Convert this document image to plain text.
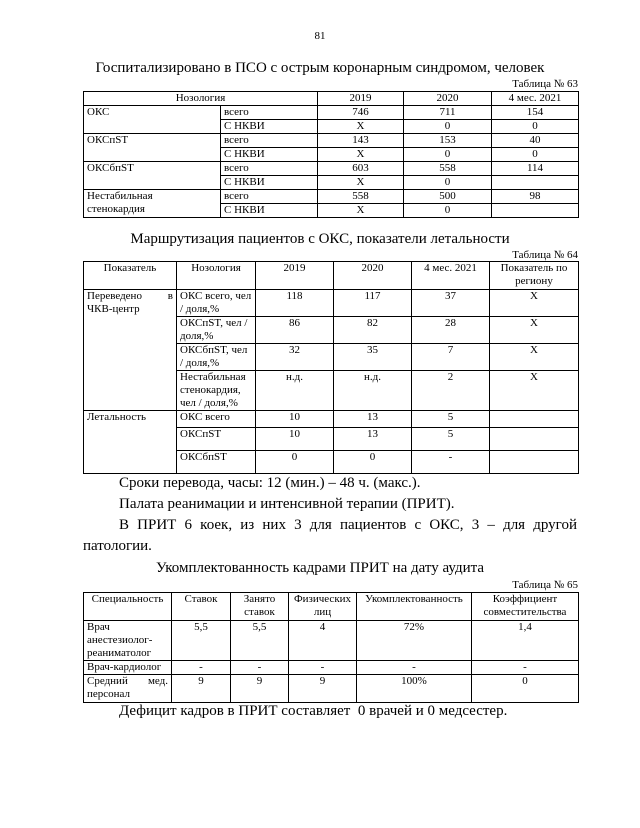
81
Госпитализировано в ПСО с острым коронарным синдромом, человек
Таблица № 63
Нозология		2019	2020	4 мес. 2021
ОКС	всего	746	711	154
	С НКВИ	Х	0	0
ОКСпST	всего	143	153	40
	С НКВИ	Х	0	0
ОКСбпST	всего	603	558	114
	С НКВИ	Х	0	

Нестабильная
стенокардия	всего	558	500	98
	С НКВИ	Х	0	
Маршрутизация пациентов с ОКС, показатели летальности
Таблица № 64
Показатель	Нозология	2019	2020	4 мес. 2021	Показатель по региону

Переведено в
ЧКВ-центр	ОКС всего, чел / доля,%	118	117	37	Х
	ОКСпST, чел / доля,%	86	82	28	Х
	ОКСбпST, чел / доля,%	32	35	7	Х
	Нестабильная стенокардия, чел / доля,%	н.д.	н.д.	2	Х
Летальность	ОКС всего	10	13	5	
	ОКСпST	10	13	5	
	ОКСбпST	0	0	-	
Сроки перевода, часы: 12 (мин.) – 48 ч. (макс.).
Палата реанимации и интенсивной терапии (ПРИТ).
В ПРИТ 6 коек, из них 3 для пациентов с ОКС, 3 – для другой
патологии.
Укомплектованность кадрами ПРИТ на дату аудита
Таблица № 65
Специальность	Ставок	Занято ставок	Физических лиц	Укомплектованность	Коэффициент совместительства
Врач анестезиолог-реаниматолог	5,5	5,5	4	72%	1,4
Врач-кардиолог	-	-	-	-	-
Средний мед. персонал	9	9	9	100%	0
Дефицит кадров в ПРИТ составляет  0 врачей и 0 медсестер.
